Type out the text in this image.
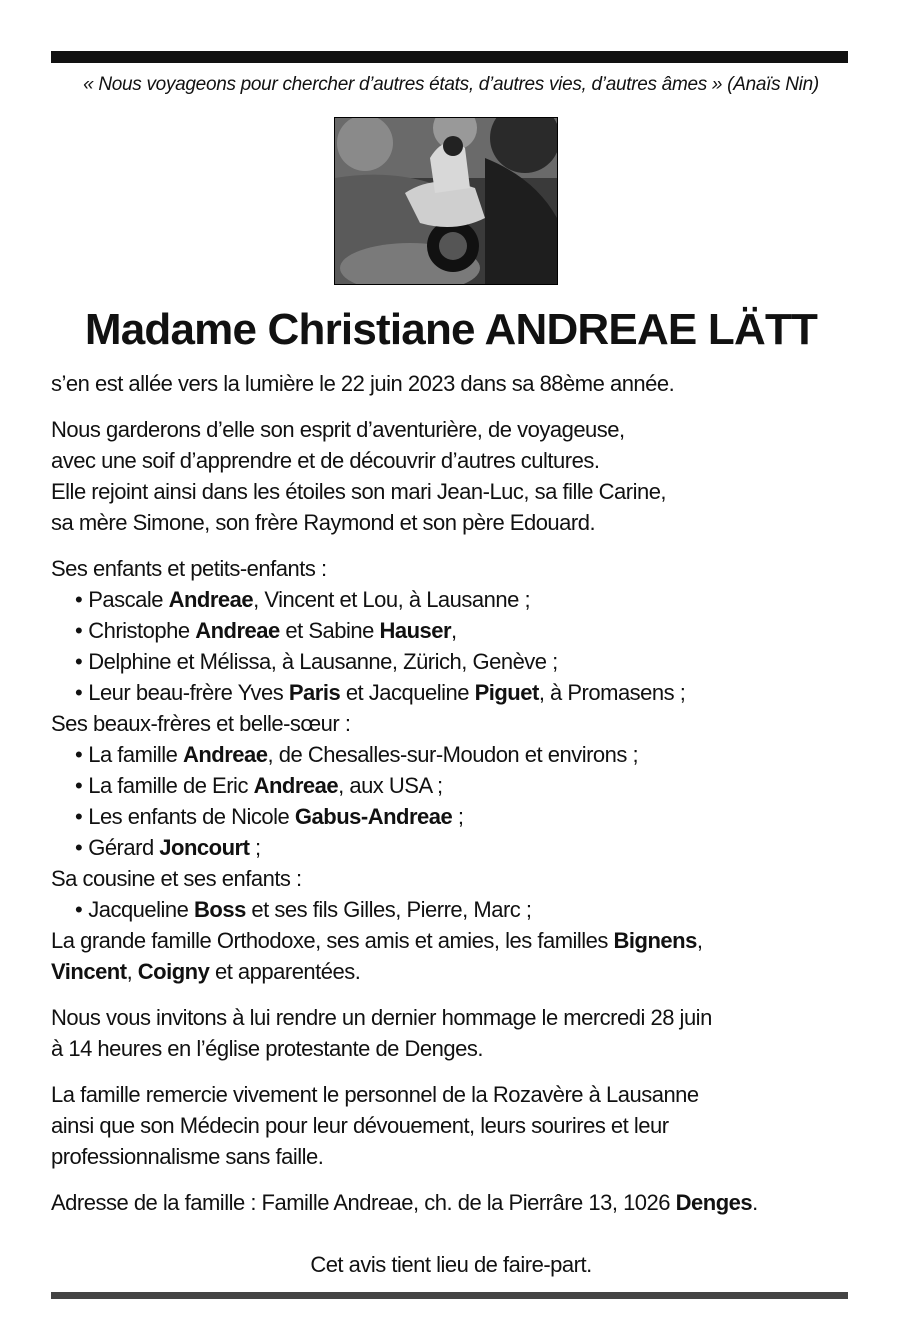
« Nous voyageons pour chercher d’autres états, d’autres vies, d’autres âmes » (Anaïs Nin)
Madame Christiane ANDREAE LÄTT
s’en est allée vers la lumière le 22 juin 2023 dans sa 88ème année.
Nous garderons d’elle son esprit d’aventurière, de voyageuse,
avec une soif d’apprendre et de découvrir d’autres cultures.
Elle rejoint ainsi dans les étoiles son mari Jean-Luc, sa fille Carine,
sa mère Simone, son frère Raymond et son père Edouard.
Ses enfants et petits-enfants :
• Pascale Andreae, Vincent et Lou, à Lausanne ;
• Christophe Andreae et Sabine Hauser,
• Delphine et Mélissa, à Lausanne, Zürich, Genève ;
• Leur beau-frère Yves Paris et Jacqueline Piguet, à Promasens ;
Ses beaux-frères et belle-sœur :
• La famille Andreae, de Chesalles-sur-Moudon et environs ;
• La famille de Eric Andreae, aux USA ;
• Les enfants de Nicole Gabus-Andreae ;
• Gérard Joncourt ;
Sa cousine et ses enfants :
• Jacqueline Boss et ses fils Gilles, Pierre, Marc ;
La grande famille Orthodoxe, ses amis et amies, les familles Bignens,
Vincent, Coigny et apparentées.
Nous vous invitons à lui rendre un dernier hommage le mercredi 28 juin
à 14 heures en l’église protestante de Denges.
La famille remercie vivement le personnel de la Rozavère à Lausanne
ainsi que son Médecin pour leur dévouement, leurs sourires et leur
professionnalisme sans faille.
Adresse de la famille : Famille Andreae, ch. de la Pierrâre 13, 1026 Denges.
Cet avis tient lieu de faire-part.
